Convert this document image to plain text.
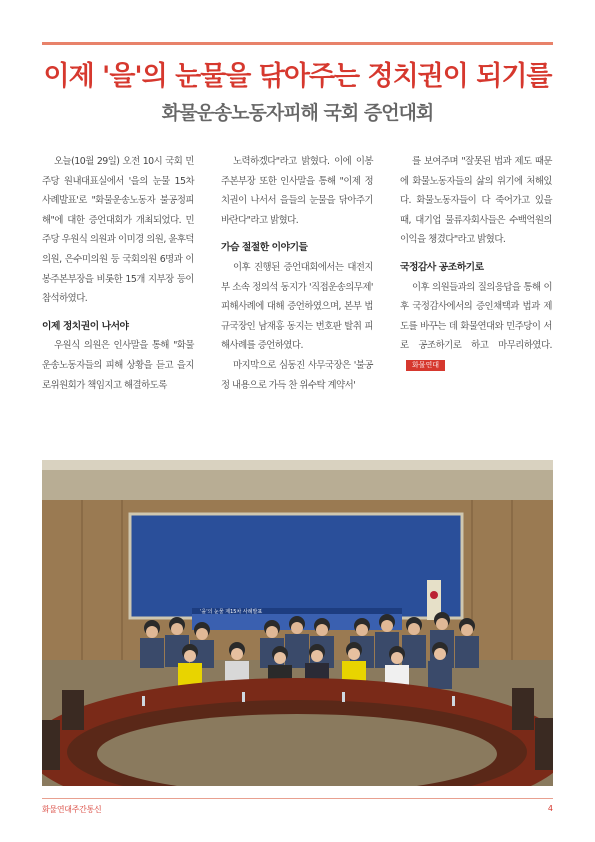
이제 '을'의 눈물을 닦아주는 정치권이 되기를
화물운송노동자피해 국회 증언대회

오늘(10월 29일) 오전 10시 국회 민주당 원내대표실에서 '을의 눈물 15차 사례발표'로 "화물운송노동자 불공정피해"에 대한 증언대회가 개최되었다. 민주당 우원식 의원과 이미경 의원, 윤후덕 의원, 은수미의원 등 국회의원 6명과 이봉주본부장을 비롯한 15개 지부장 등이 참석하였다.

이제 정치권이 나서야

우원식 의원은 인사말을 통해 "화물운송노동자들의 피해 상황을 듣고 을지로위원회가 책임지고 해결하도록

노력하겠다"라고 밝혔다. 이에 이봉주본부장 또한 인사말을 통해 "이제 정치권이 나서서 을들의 눈물을 닦아주기 바란다"라고 밝혔다.

가슴 절절한 이야기들

이후 진행된 증언대회에서는 대전지부 소속 정의석 동지가 '직접운송의무제' 피해사례에 대해 증언하였으며, 본부 법규국장인 남재홍 동지는 번호판 탈취 피해사례를 증언하였다.

마지막으로 심동진 사무국장은 '불공정 내용으로 가득 찬 위수탁 계약서'

를 보여주며 "잘못된 법과 제도 때문에 화물노동자들의 삶의 위기에 처해있다. 화물노동자들이 다 죽어가고 있을 때, 대기업 물류자회사들은 수백억원의 이익을 챙겼다"라고 밝혔다.

국정감사 공조하기로

이후 의원들과의 질의응답을 통해 이후 국정감사에서의 증인채택과 법과 제도를 바꾸는 데 화물연대와 민주당이 서로 공조하기로 하고 마무리하였다.화물연대

'을'의 눈물 제15차 사례발표
화물연대주간통신	4
